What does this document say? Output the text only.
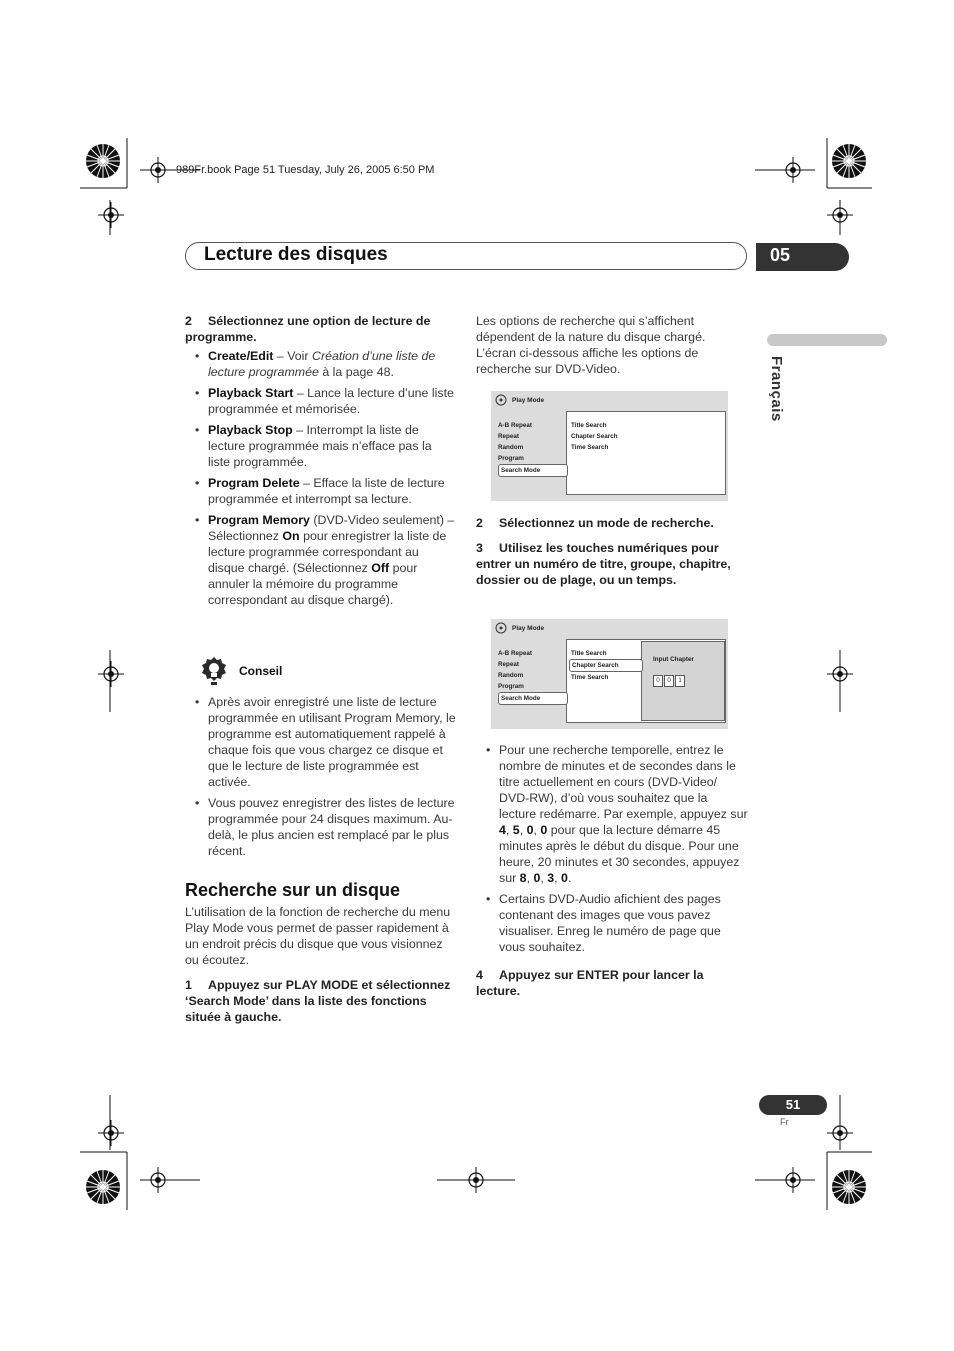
989Fr.book Page 51 Tuesday, July 26, 2005 6:50 PM
Lecture des disques	05
Français

2 Sélectionnez une option de lecture de programme.

• Create/Edit – Voir Création d’une liste de lecture programmée à la page 48.
• Playback Start – Lance la lecture d’une liste programmée et mémorisée.
• Playback Stop – Interrompt la liste de lecture programmée mais n’efface pas la liste programmée.
• Program Delete – Efface la liste de lecture programmée et interrompt sa lecture.
• Program Memory (DVD-Video seulement) – Sélectionnez On pour enregistrer la liste de lecture programmée correspondant au disque chargé. (Sélectionnez Off pour annuler la mémoire du programme correspondant au disque chargé).
Conseil
• Après avoir enregistré une liste de lecture programmée en utilisant Program Memory, le programme est automatiquement rappelé à chaque fois que vous chargez ce disque et que le lecture de liste programmée est activée.
• Vous pouvez enregistrer des listes de lecture programmée pour 24 disques maximum. Au-delà, le plus ancien est remplacé par le plus récent.
Recherche sur un disque

L’utilisation de la fonction de recherche du menu Play Mode vous permet de passer rapidement à un endroit précis du disque que vous visionnez ou écoutez.

1 Appuyez sur PLAY MODE et sélectionnez ‘Search Mode’ dans la liste des fonctions située à gauche.

Les options de recherche qui s’affichent dépendent de la nature du disque chargé. L’écran ci-dessous affiche les options de recherche sur DVD-Video.
Play Mode
A-B Repeat
Repeat
Random
Program
Search Mode
Title Search
Chapter Search
Time Search

2 Sélectionnez un mode de recherche.

3 Utilisez les touches numériques pour entrer un numéro de titre, groupe, chapitre, dossier ou de plage, ou un temps.

Play Mode
A-B Repeat
Repeat
Random
Program
Search Mode
Title Search
Chapter Search
Time Search
Input Chapter
0 0 1
• Pour une recherche temporelle, entrez le nombre de minutes et de secondes dans le titre actuellement en cours (DVD-Video/ DVD-RW), d’où vous souhaitez que la lecture redémarre. Par exemple, appuyez sur 4, 5, 0, 0 pour que la lecture démarre 45 minutes après le début du disque. Pour une heure, 20 minutes et 30 secondes, appuyez sur 8, 0, 3, 0.
• Certains DVD-Audio afichient des pages contenant des images que vous pavez visualiser. Enreg le numéro de page que vous souhaitez.

4 Appuyez sur ENTER pour lancer la lecture.

51
Fr
